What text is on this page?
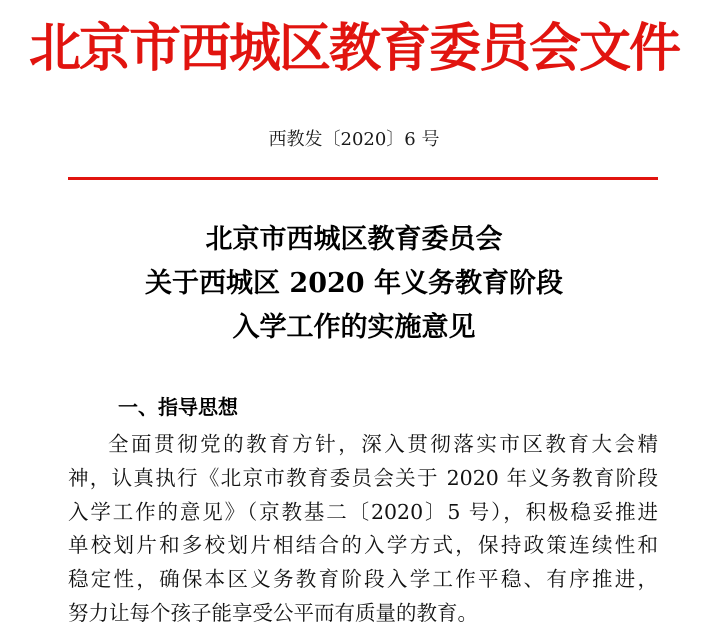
北京市西城区教育委员会文件
西教发〔2020〕6 号
北京市西城区教育委员会
关于西城区 2020 年义务教育阶段
入学工作的实施意见
一、指导思想
全面贯彻党的教育方针，深入贯彻落实市区教育大会精
神，认真执行《北京市教育委员会关于 2020 年义务教育阶段
入学工作的意见》（京教基二〔2020〕5 号），积极稳妥推进
单校划片和多校划片相结合的入学方式，保持政策连续性和
稳定性，确保本区义务教育阶段入学工作平稳、有序推进，
努力让每个孩子能享受公平而有质量的教育。
